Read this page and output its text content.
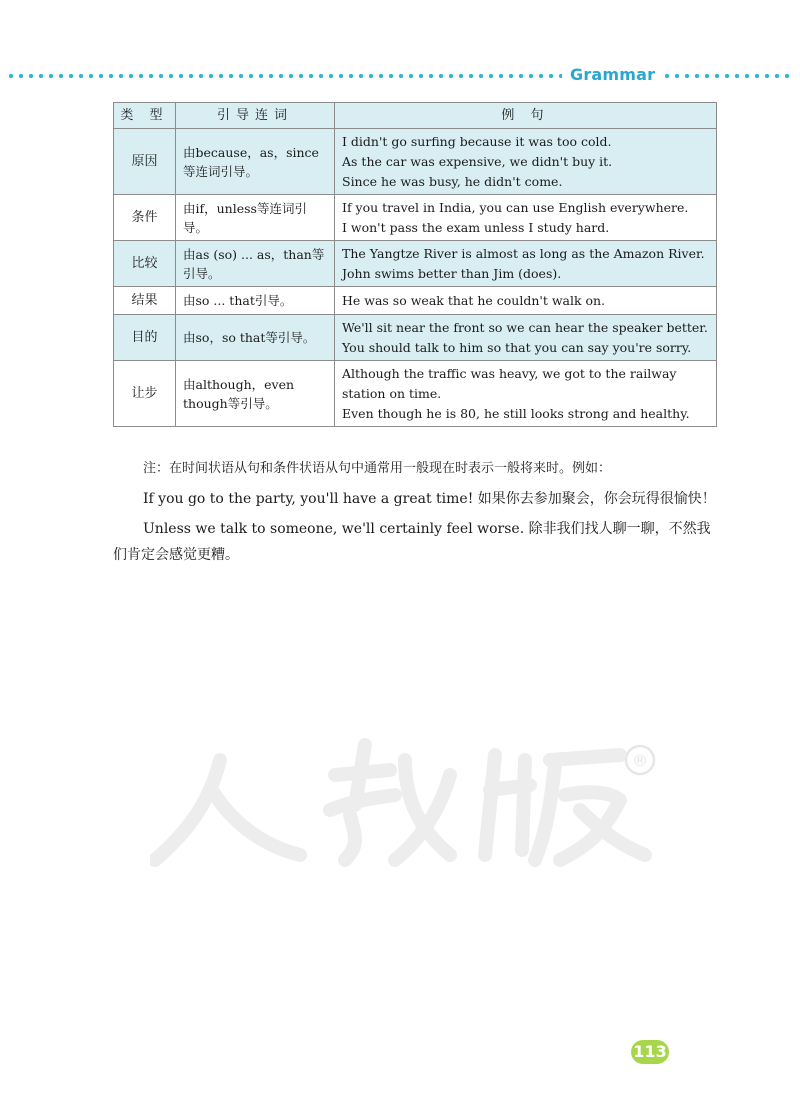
Grammar
类 型	引导连词	例 句
原因	由because，as，since等连词引导。	I didn't go surfing because it was too cold.
As the car was expensive, we didn't buy it.
Since he was busy, he didn't come.

条件	由if，unless等连词引导。	If you travel in India, you can use English everywhere.
I won't pass the exam unless I study hard.

比较	由as (so) ... as，than等引导。	The Yangtze River is almost as long as the Amazon River.
John swims better than Jim (does).

结果	由so ... that引导。	He was so weak that he couldn't walk on.

目的	由so，so that等引导。	We'll sit near the front so we can hear the speaker better.
You should talk to him so that you can say you're sorry.

让步	由although，even though等引导。	Although the traffic was heavy, we got to the railway
station on time.
Even though he is 80, he still looks strong and healthy.

注：在时间状语从句和条件状语从句中通常用一般现在时表示一般将来时。例如：

If you go to the party, you'll have a great time! 如果你去参加聚会，你会玩得很愉快！

Unless we talk to someone, we'll certainly feel worse. 除非我们找人聊一聊，不然我们肯定会感觉更糟。

®
113
